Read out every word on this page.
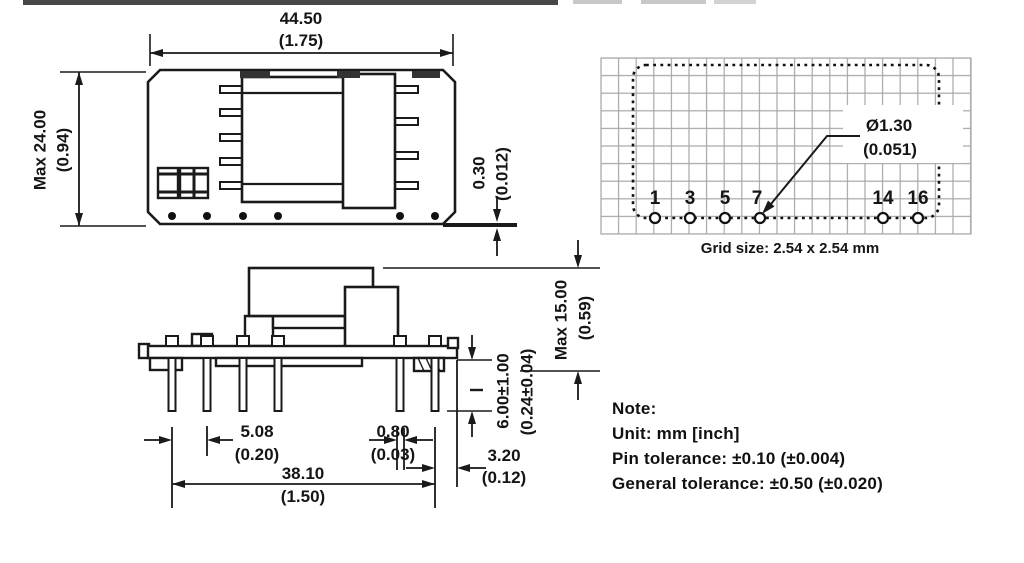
44.50
(1.75)
Max 24.00 (0.94)
0.30 (0.012)	1 3 5 7	14 16
Ø1.30
(0.051)
Grid size: 2.54 x 2.54 mm
Max 15.00 (0.59)
6.00±1.00 (0.24±0.04)
3.20
(0.12)
38.10
(1.50)
5.08
(0.20)
0.80
(0.03)
Note:
Unit: mm [inch]
Pin tolerance: ±0.10 (±0.004)
General tolerance: ±0.50 (±0.020)
